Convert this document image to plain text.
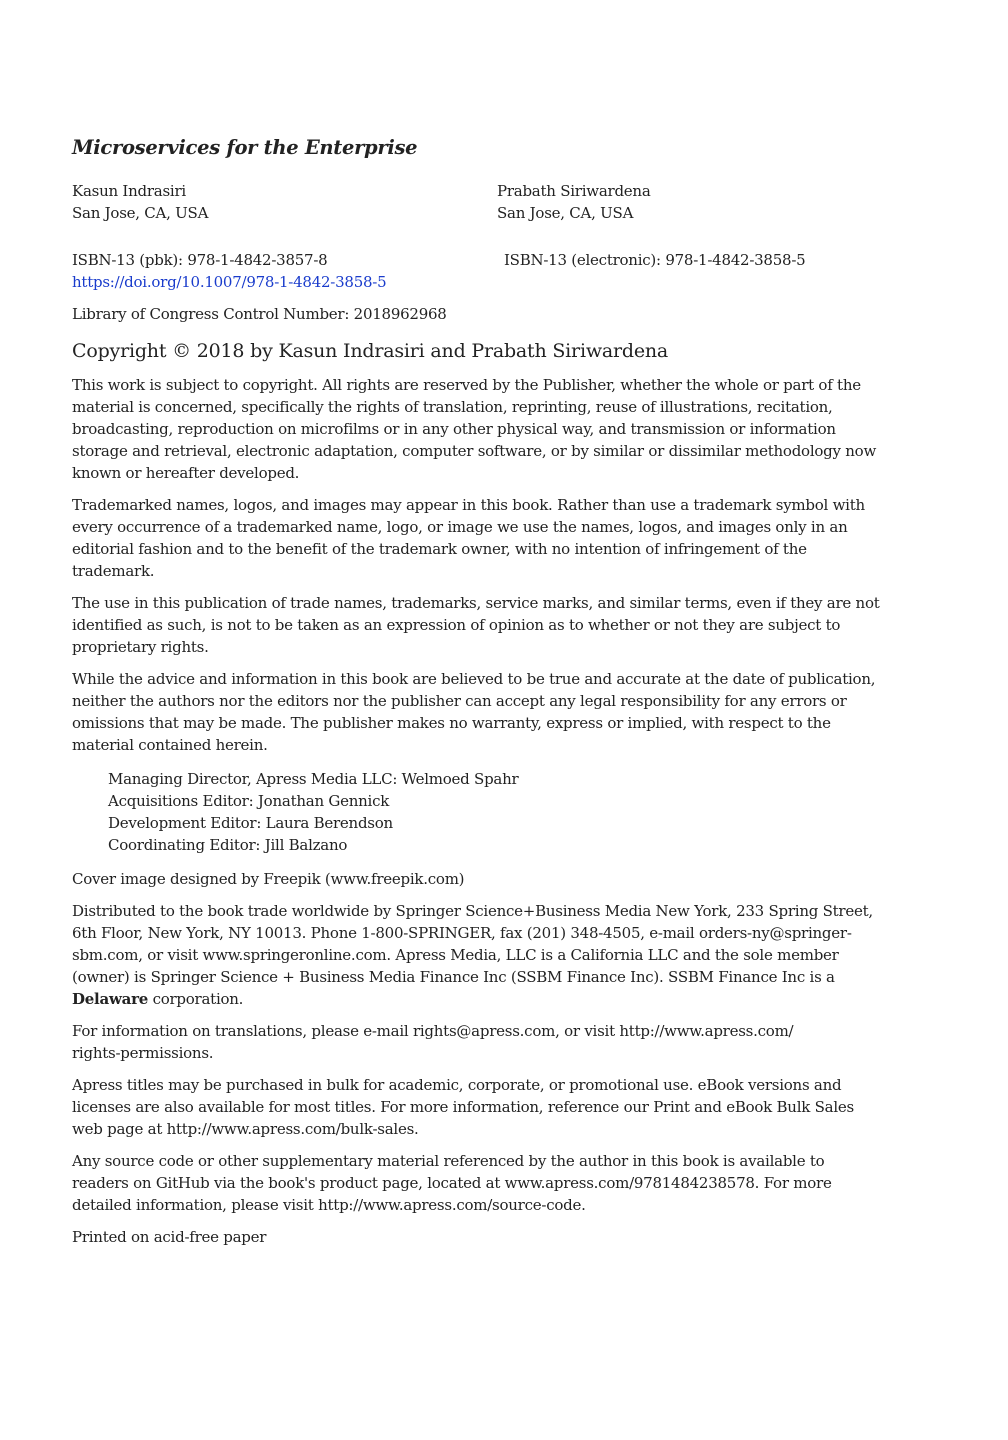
Microservices for the Enterprise
Kasun Indrasiri
San Jose, CA, USA
Prabath Siriwardena
San Jose, CA, USA
ISBN-13 (pbk): 978-1-4842-3857-8	ISBN-13 (electronic): 978-1-4842-3858-5
https://doi.org/10.1007/978-1-4842-3858-5
Library of Congress Control Number: 2018962968
Copyright © 2018 by Kasun Indrasiri and Prabath Siriwardena
This work is subject to copyright. All rights are reserved by the Publisher, whether the whole or part of the
material is concerned, specifically the rights of translation, reprinting, reuse of illustrations, recitation,
broadcasting, reproduction on microfilms or in any other physical way, and transmission or information
storage and retrieval, electronic adaptation, computer software, or by similar or dissimilar methodology now
known or hereafter developed.
Trademarked names, logos, and images may appear in this book. Rather than use a trademark symbol with
every occurrence of a trademarked name, logo, or image we use the names, logos, and images only in an
editorial fashion and to the benefit of the trademark owner, with no intention of infringement of the
trademark.
The use in this publication of trade names, trademarks, service marks, and similar terms, even if they are not
identified as such, is not to be taken as an expression of opinion as to whether or not they are subject to
proprietary rights.
While the advice and information in this book are believed to be true and accurate at the date of publication,
neither the authors nor the editors nor the publisher can accept any legal responsibility for any errors or
omissions that may be made. The publisher makes no warranty, express or implied, with respect to the
material contained herein.
Managing Director, Apress Media LLC: Welmoed Spahr
Acquisitions Editor: Jonathan Gennick
Development Editor: Laura Berendson
Coordinating Editor: Jill Balzano
Cover image designed by Freepik (www.freepik.com)
Distributed to the book trade worldwide by Springer Science+Business Media New York, 233 Spring Street,
6th Floor, New York, NY 10013. Phone 1-800-SPRINGER, fax (201) 348-4505, e-mail orders-ny@springer-
sbm.com, or visit www.springeronline.com. Apress Media, LLC is a California LLC and the sole member
(owner) is Springer Science + Business Media Finance Inc (SSBM Finance Inc). SSBM Finance Inc is a
Delaware corporation.
For information on translations, please e-mail rights@apress.com, or visit http://www.apress.com/
rights-permissions.
Apress titles may be purchased in bulk for academic, corporate, or promotional use. eBook versions and
licenses are also available for most titles. For more information, reference our Print and eBook Bulk Sales
web page at http://www.apress.com/bulk-sales.
Any source code or other supplementary material referenced by the author in this book is available to
readers on GitHub via the book's product page, located at www.apress.com/9781484238578. For more
detailed information, please visit http://www.apress.com/source-code.
Printed on acid-free paper
